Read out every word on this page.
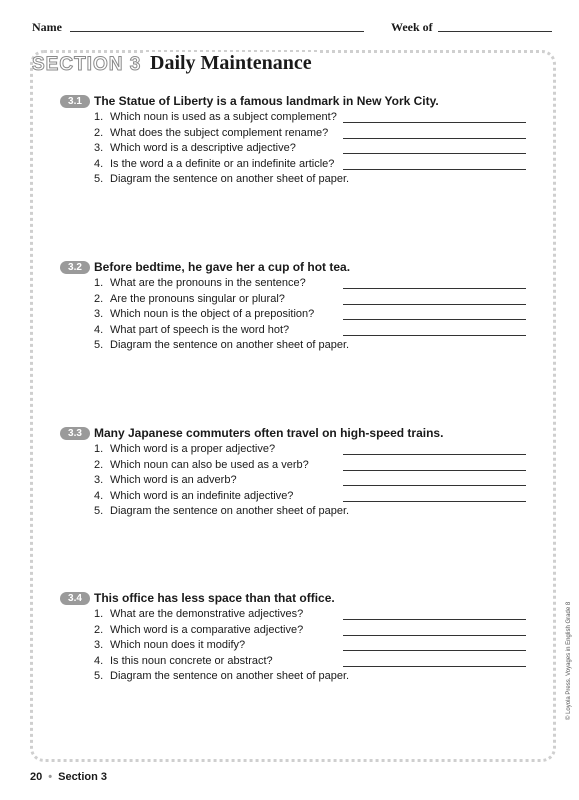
Name	Week of
SECTION 3 Daily Maintenance
3.1	The Statue of Liberty is a famous landmark in New York City.
1. Which noun is used as a subject complement?
2. What does the subject complement rename?
3. Which word is a descriptive adjective?
4. Is the word a a definite or an indefinite article?
5. Diagram the sentence on another sheet of paper.
3.2	Before bedtime, he gave her a cup of hot tea.
1. What are the pronouns in the sentence?
2. Are the pronouns singular or plural?
3. Which noun is the object of a preposition?
4. What part of speech is the word hot?
5. Diagram the sentence on another sheet of paper.
3.3	Many Japanese commuters often travel on high-speed trains.
1. Which word is a proper adjective?
2. Which noun can also be used as a verb?
3. Which word is an adverb?
4. Which word is an indefinite adjective?
5. Diagram the sentence on another sheet of paper.
3.4	This office has less space than that office.
1. What are the demonstrative adjectives?
2. Which word is a comparative adjective?
3. Which noun does it modify?
4. Is this noun concrete or abstract?
5. Diagram the sentence on another sheet of paper.
20 • Section 3
© Loyola Press. Voyages in English Grade 8
